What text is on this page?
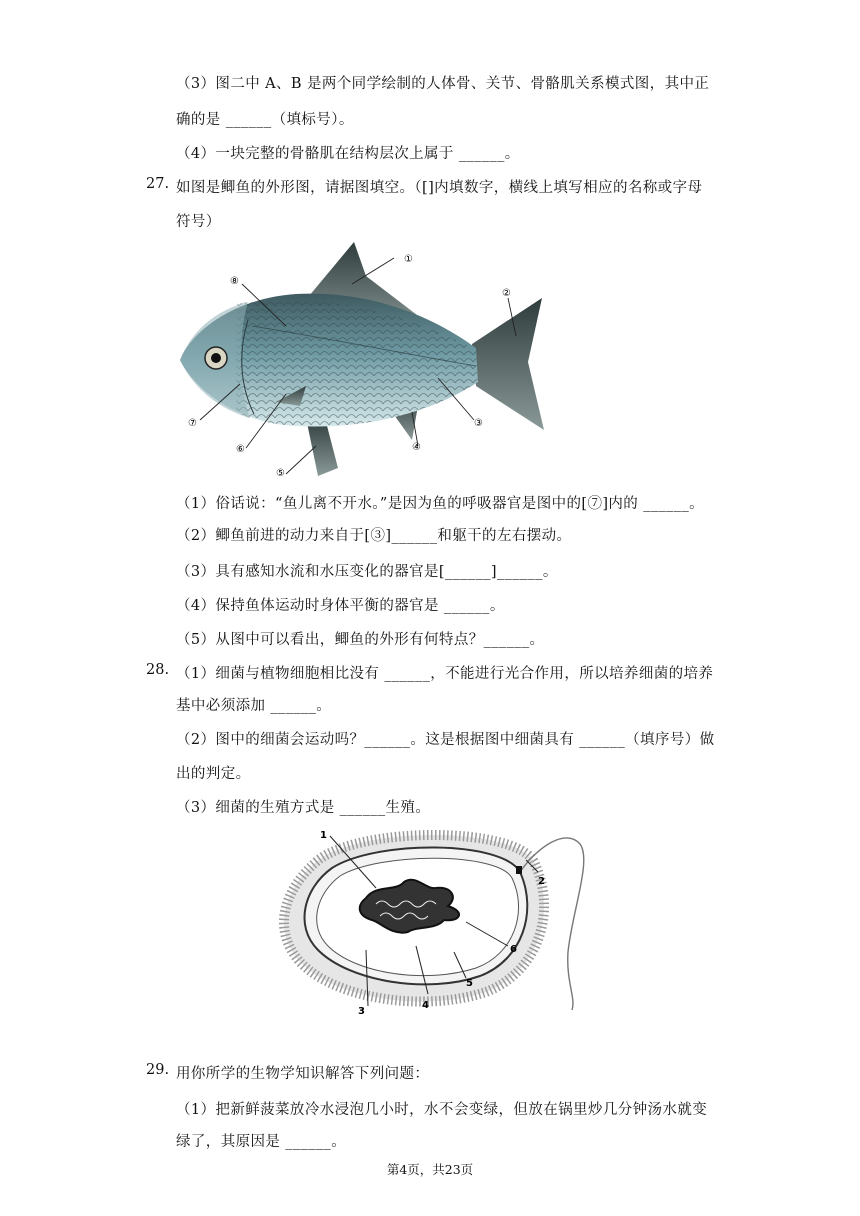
（3）图二中 A、B 是两个同学绘制的人体骨、关节、骨骼肌关系模式图，其中正
确的是 ______（填标号）。
（4）一块完整的骨骼肌在结构层次上属于 ______。
27. 如图是鲫鱼的外形图，请据图填空。（[]内填数字，横线上填写相应的名称或字母
符号）
①
②
③
④
⑤
⑥
⑦
⑧
（1）俗话说：“鱼儿离不开水。”是因为鱼的呼吸器官是图中的[⑦]内的 ______。
（2）鲫鱼前进的动力来自于[③]______和躯干的左右摆动。
（3）具有感知水流和水压变化的器官是[______]______。
（4）保持鱼体运动时身体平衡的器官是 ______。
（5）从图中可以看出，鲫鱼的外形有何特点？______。
28. （1）细菌与植物细胞相比没有 ______，不能进行光合作用，所以培养细菌的培养
基中必须添加 ______。
（2）图中的细菌会运动吗？______。这是根据图中细菌具有 ______（填序号）做
出的判定。
（3）细菌的生殖方式是 ______生殖。
1
2
3
4
5
6
29. 用你所学的生物学知识解答下列问题：
（1）把新鲜菠菜放冷水浸泡几小时，水不会变绿，但放在锅里炒几分钟汤水就变
绿了，其原因是 ______。
第4页，共23页
